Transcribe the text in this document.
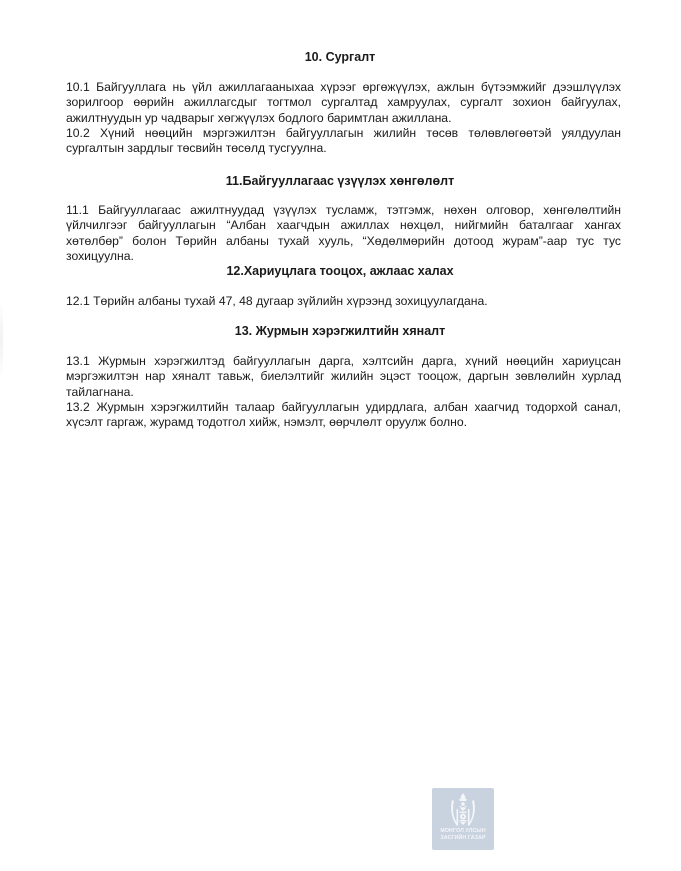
10. Сургалт

10.1 Байгууллага нь үйл ажиллагааныхаа хүрээг өргөжүүлэх, ажлын бүтээмжийг дээшлүүлэх зорилгоор өөрийн ажиллагсдыг тогтмол сургалтад хамруулах, сургалт зохион байгуулах, ажилтнуудын ур чадварыг хөгжүүлэх бодлого баримтлан ажиллана.
10.2 Хүний нөөцийн мэргэжилтэн байгууллагын жилийн төсөв төлөвлөгөөтэй уялдуулан сургалтын зардлыг төсвийн төсөлд тусгуулна.

11.Байгууллагаас үзүүлэх хөнгөлөлт

11.1 Байгууллагаас ажилтнуудад үзүүлэх тусламж, тэтгэмж, нөхөн олговор, хөнгөлөлтийн үйлчилгээг байгууллагын “Албан хаагчдын ажиллах нөхцөл, нийгмийн баталгааг хангах хөтөлбөр” болон Төрийн албаны тухай хууль, “Хөдөлмөрийн дотоод журам”-аар тус тус зохицуулна.

12.Хариуцлага тооцох, ажлаас халах

12.1 Төрийн албаны тухай 47, 48 дугаар зүйлийн хүрээнд зохицуулагдана.

13. Журмын хэрэгжилтийн хяналт

13.1 Журмын хэрэгжилтэд байгууллагын дарга, хэлтсийн дарга, хүний нөөцийн хариуцсан мэргэжилтэн нар хяналт тавьж, биелэлтийг жилийн эцэст тооцож, даргын зөвлөлийн хурлад тайлагнана.
13.2 Журмын хэрэгжилтийн талаар байгууллагын удирдлага, албан хаагчид тодорхой санал, хүсэлт гаргаж, журамд тодотгол хийж, нэмэлт, өөрчлөлт оруулж болно.

МОНГОЛ УЛСЫН
ЗАСГИЙН ГАЗАР
